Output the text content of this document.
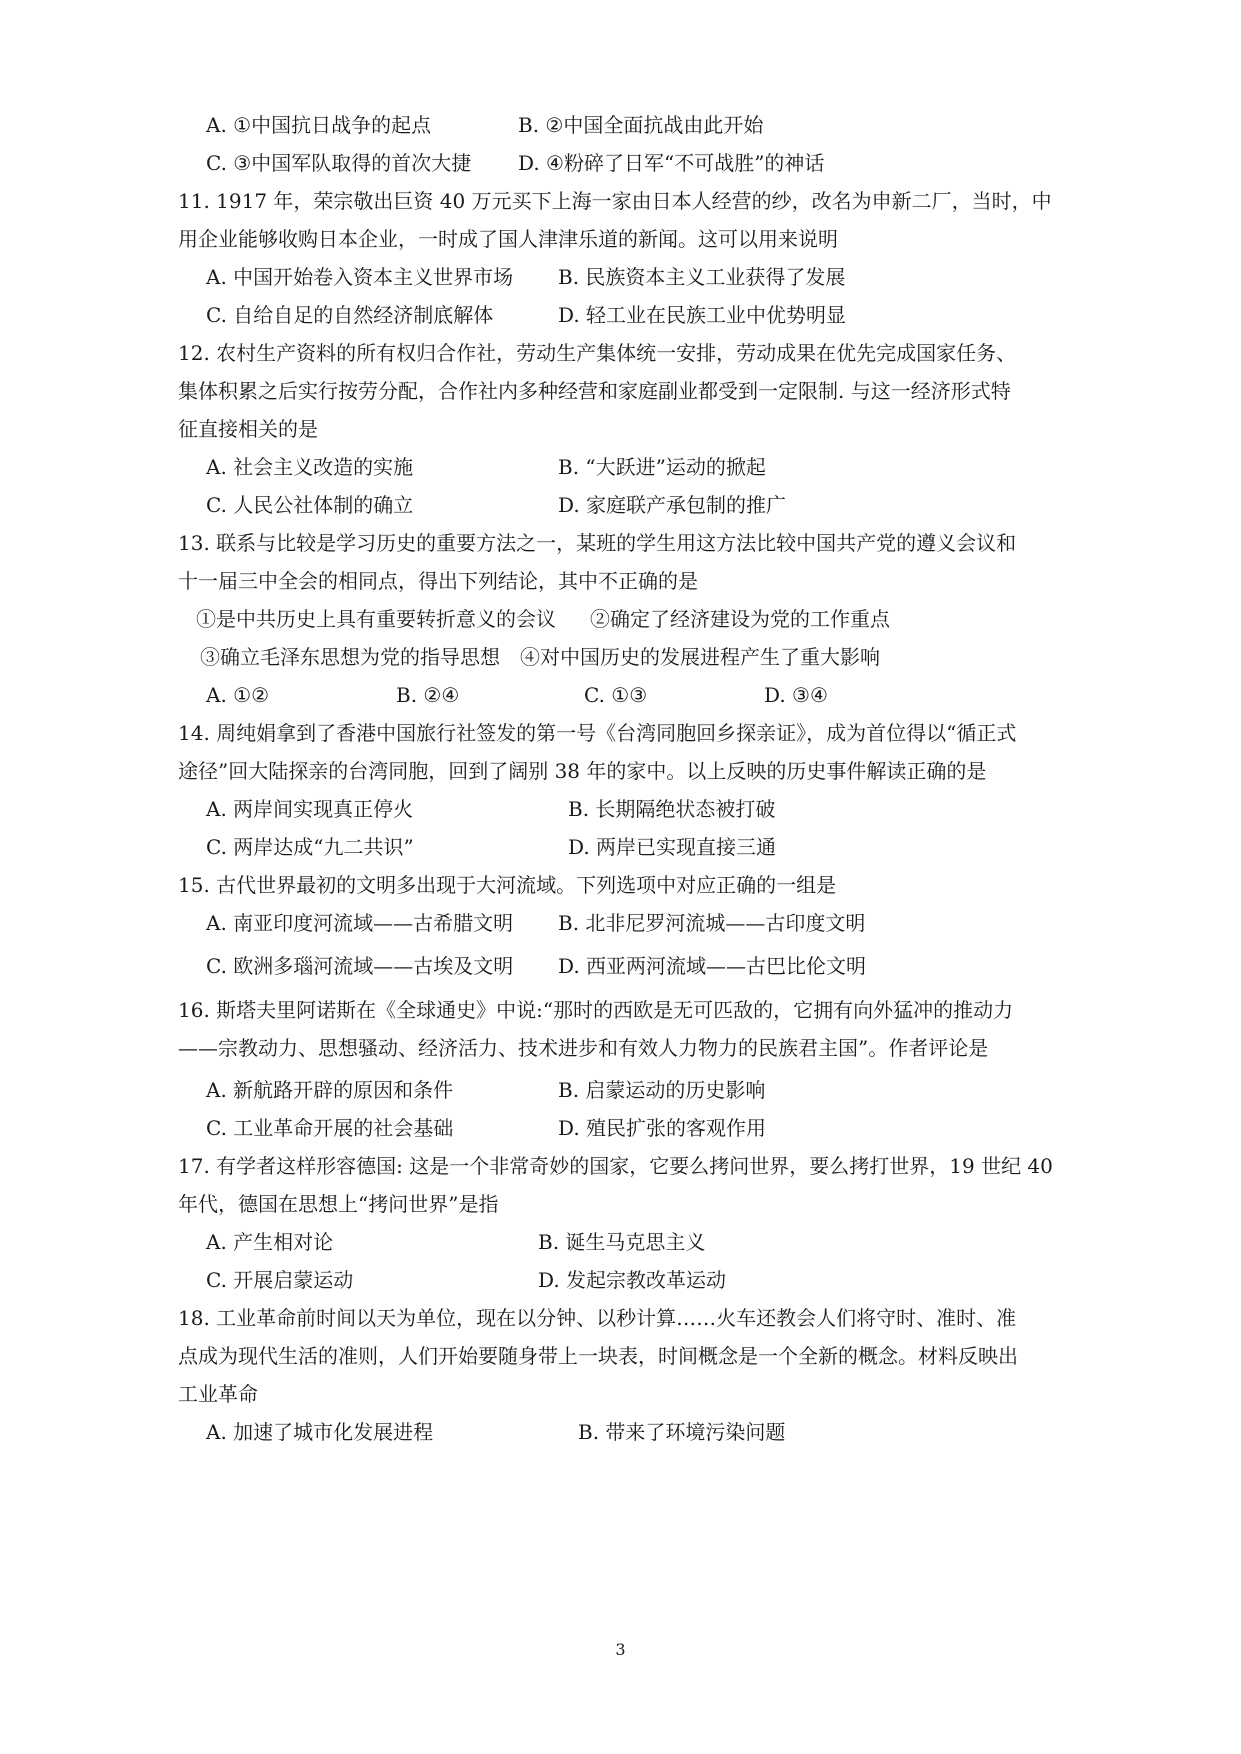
A. ①中国抗日战争的起点	B. ②中国全面抗战由此开始
C. ③中国军队取得的首次大捷 D. ④粉碎了日军“不可战胜”的神话
11. 1917 年，荣宗敬出巨资 40 万元买下上海一家由日本人经营的纱，改名为申新二厂，当时，中
用企业能够收购日本企业，一时成了国人津津乐道的新闻。这可以用来说明
A. 中国开始卷入资本主义世界市场 B. 民族资本主义工业获得了发展
C. 自给自足的自然经济制底解体	D. 轻工业在民族工业中优势明显
12. 农村生产资料的所有权归合作社，劳动生产集体统一安排，劳动成果在优先完成国家任务、
集体积累之后实行按劳分配，合作社内多种经营和家庭副业都受到一定限制. 与这一经济形式特
征直接相关的是
A. 社会主义改造的实施	B. “大跃进”运动的掀起
C. 人民公社体制的确立	D. 家庭联产承包制的推广
13. 联系与比较是学习历史的重要方法之一，某班的学生用这方法比较中国共产党的遵义会议和
十一届三中全会的相同点，得出下列结论，其中不正确的是
①是中共历史上具有重要转折意义的会议 ②确定了经济建设为党的工作重点
③确立毛泽东思想为党的指导思想 ④对中国历史的发展进程产生了重大影响
A. ①②	B. ②④	C. ①③	D. ③④
14. 周纯娟拿到了香港中国旅行社签发的第一号《台湾同胞回乡探亲证》，成为首位得以“循正式
途径”回大陆探亲的台湾同胞，回到了阔别 38 年的家中。以上反映的历史事件解读正确的是
A. 两岸间实现真正停火	B. 长期隔绝状态被打破
C. 两岸达成“九二共识”	D. 两岸已实现直接三通
15. 古代世界最初的文明多出现于大河流域。下列选项中对应正确的一组是
A. 南亚印度河流域——古希腊文明 B. 北非尼罗河流城——古印度文明
C. 欧洲多瑙河流域——古埃及文明 D. 西亚两河流域——古巴比伦文明
16. 斯塔夫里阿诺斯在《全球通史》中说:“那时的西欧是无可匹敌的，它拥有向外猛冲的推动力
——宗教动力、思想骚动、经济活力、技术进步和有效人力物力的民族君主国”。作者评论是
A. 新航路开辟的原因和条件	B. 启蒙运动的历史影响
C. 工业革命开展的社会基础	D. 殖民扩张的客观作用
17. 有学者这样形容德国: 这是一个非常奇妙的国家，它要么拷问世界，要么拷打世界，19 世纪 40
年代，德国在思想上“拷问世界”是指
A. 产生相对论	B. 诞生马克思主义
C. 开展启蒙运动	D. 发起宗教改革运动
18. 工业革命前时间以天为单位，现在以分钟、以秒计算……火车还教会人们将守时、准时、准
点成为现代生活的准则，人们开始要随身带上一块表，时间概念是一个全新的概念。材料反映出
工业革命
A. 加速了城市化发展进程	B. 带来了环境污染问题
3
